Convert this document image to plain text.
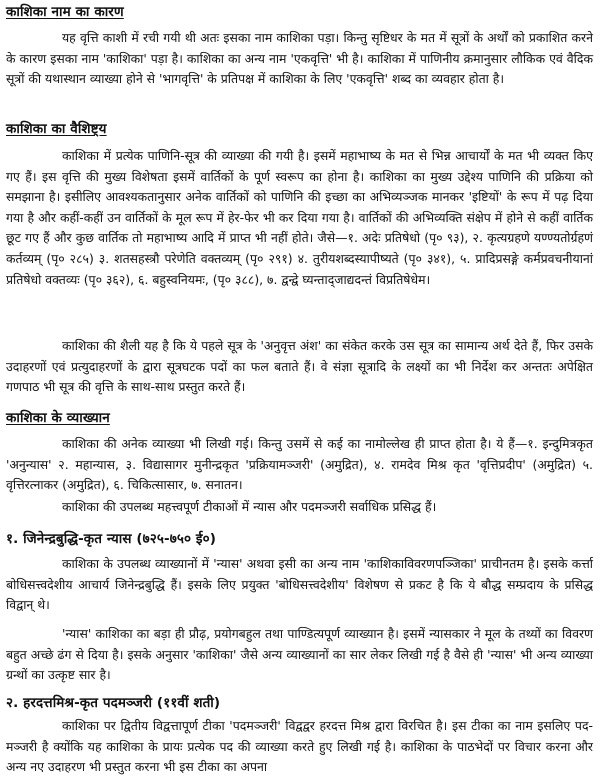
काशिका नाम का कारण
यह वृत्ति काशी में रची गयी थी अतः इसका नाम काशिका पड़ा। किन्तु सृष्टिधर के मत में सूत्रों के अर्थों को प्रकाशित करने के कारण इसका नाम 'काशिका' पड़ा है। काशिका का अन्य नाम 'एकवृत्ति' भी है। काशिका में पाणिनीय क्रमानुसार लौकिक एवं वैदिक सूत्रों की यथास्थान व्याख्या होने से 'भागवृत्ति' के प्रतिपक्ष में काशिका के लिए 'एकवृत्ति' शब्द का व्यवहार होता है।
काशिका का वैशिष्ट्य
काशिका में प्रत्येक पाणिनि-सूत्र की व्याख्या की गयी है। इसमें महाभाष्य के मत से भिन्न आचार्यों के मत भी व्यक्त किए गए हैं। इस वृत्ति की मुख्य विशेषता इसमें वार्तिकों के पूर्ण स्वरूप का होना है। काशिका का मुख्य उद्देश्य पाणिनि की प्रक्रिया को समझाना है। इसीलिए आवश्यकतानुसार अनेक वार्तिकों को पाणिनि की इच्छा का अभिव्यञ्जक मानकर 'इष्टियों' के रूप में पढ़ दिया गया है और कहीं-कहीं उन वार्तिकों के मूल रूप में हेर-फेर भी कर दिया गया है। वार्तिकों की अभिव्यक्ति संक्षेप में होने से कहीं वार्तिक छूट गए हैं और कुछ वार्तिक तो महाभाष्य आदि में प्राप्त भी नहीं होते। जैसे—१. अदेः प्रतिषेधो (पृ० ९३), २. कृत्यग्रहणे यण्ण्यतोर्ग्रहणं कर्तव्यम् (पृ० २८५) ३. शतसहस्त्रौ परेणेति वक्तव्यम् (पृ० २९१) ४. तुरीयशब्दस्यापीष्यते (पृ० ३४१), ५. प्रादिप्रसङ्गे कर्मप्रवचनीयानां प्रतिषेधो वक्तव्यः (पृ० ३६२), ६. बहुस्वनियमः, (पृ० ३८८), ७. द्वन्द्वे घ्यन्ताद्जाद्यदन्तं विप्रतिषेधेम।
काशिका की शैली यह है कि ये पहले सूत्र के 'अनुवृत्त अंश' का संकेत करके उस सूत्र का सामान्य अर्थ देते हैं, फिर उसके उदाहरणों एवं प्रत्युदाहरणों के द्वारा सूत्रघटक पदों का फल बताते हैं। वे संज्ञा सूत्रादि के लक्ष्यों का भी निर्देश कर अन्ततः अपेक्षित गणपाठ भी सूत्र की वृत्ति के साथ-साथ प्रस्तुत करते हैं।
काशिका के व्याख्यान
काशिका की अनेक व्याख्या भी लिखी गई। किन्तु उसमें से कई का नामोल्लेख ही प्राप्त होता है। ये हैं—१. इन्दुमित्रकृत 'अनुन्यास' २. महान्यास, ३. विद्यासागर मुनीन्द्रकृत 'प्रक्रियामञ्जरी' (अमुद्रित), ४. रामदेव मिश्र कृत 'वृत्तिप्रदीप' (अमुद्रित) ५. वृत्तिरत्नाकर (अमुद्रित), ६. चिकित्सासार, ७. सनातन।
काशिका की उपलब्ध महत्त्वपूर्ण टीकाओं में न्यास और पदमञ्जरी सर्वाधिक प्रसिद्ध हैं।
१. जिनेन्द्रबुद्धि-कृत न्यास (७२५-७५० ई०)
काशिका के उपलब्ध व्याख्यानों में 'न्यास' अथवा इसी का अन्य नाम 'काशिकाविवरणपञ्जिका' प्राचीनतम है। इसके कर्त्ता बोधिसत्त्वदेशीय आचार्य जिनेन्द्रबुद्धि हैं। इसके लिए प्रयुक्त 'बोधिसत्त्वदेशीय' विशेषण से प्रकट है कि ये बौद्ध सम्प्रदाय के प्रसिद्ध विद्वान् थे।
'न्यास' काशिका का बड़ा ही प्रौढ़, प्रयोगबहुल तथा पाण्डित्यपूर्ण व्याख्यान है। इसमें न्यासकार ने मूल के तथ्यों का विवरण बहुत अच्छे ढंग से दिया है। इसके अनुसार 'काशिका' जैसे अन्य व्याख्यानों का सार लेकर लिखी गई है वैसे ही 'न्यास' भी अन्य व्याख्या ग्रन्थों का उत्कृष्ट सार है।
२. हरदत्तमिश्र-कृत पदमञ्जरी (११वीं शती)
काशिका पर द्वितीय विद्वत्तापूर्ण टीका 'पदमञ्जरी' विद्वद्वर हरदत्त मिश्र द्वारा विरचित है। इस टीका का नाम इसलिए पद-मञ्जरी है क्योंकि यह काशिका के प्रायः प्रत्येक पद की व्याख्या करते हुए लिखी गई है। काशिका के पाठभेदों पर विचार करना और अन्य नए उदाहरण भी प्रस्तुत करना भी इस टीका का अपना
